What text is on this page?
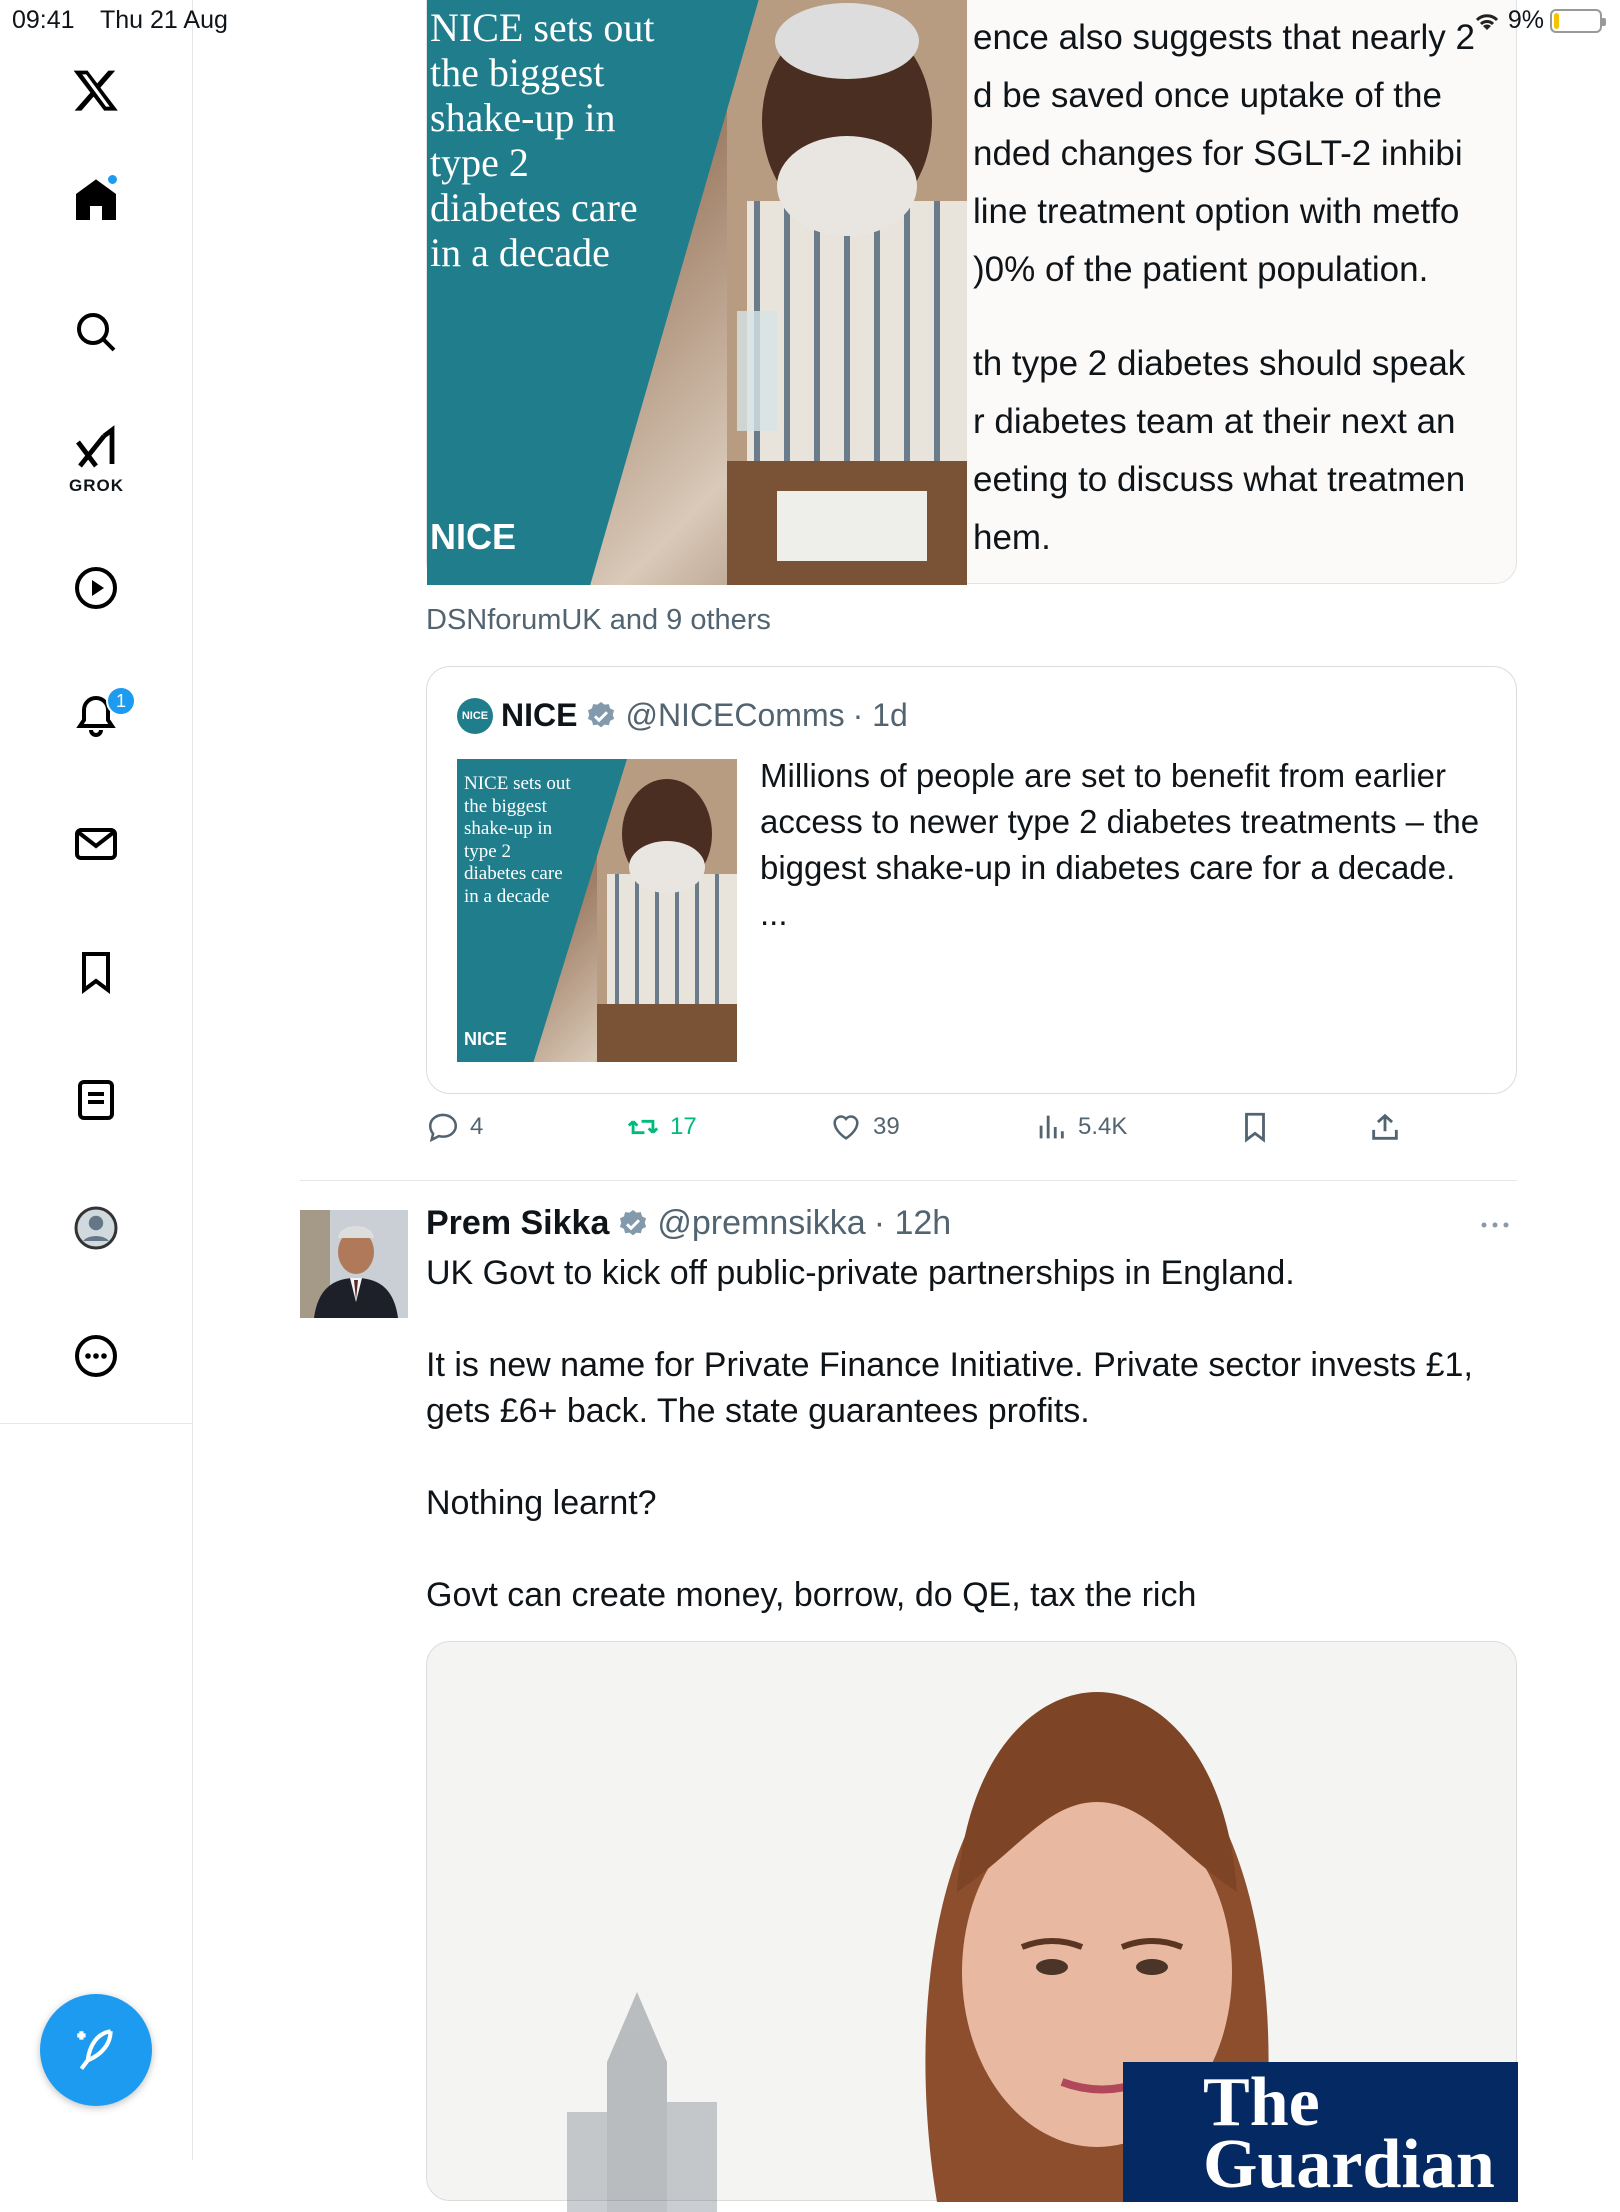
09:41 Thu 21 Aug	9%
GROK
1
NICE sets out
the biggest
shake-up in
type 2
diabetes care
in a decade
NICE
ence also suggests that nearly 2
d be saved once uptake of the
nded changes for SGLT-2 inhibi
line treatment option with metfo
)0% of the patient population.
th type 2 diabetes should speak
r diabetes team at their next an
eeting to discuss what treatmen
hem.
DSNforumUK and 9 others
NICE NICE @NICEComms · 1d
NICE sets out
the biggest
shake-up in
type 2
diabetes care
in a decade
NICE
Millions of people are set to benefit from earlier access to newer type 2 diabetes treatments – the biggest shake-up in diabetes care for a decade. ...
4	17	39	5.4K
Prem Sikka @premnsikka · 12h

UK Govt to kick off public-private partnerships in England.

It is new name for Private Finance Initiative. Private sector invests £1, gets £6+ back. The state guarantees profits.

Nothing learnt?

Govt can create money, borrow, do QE, tax the rich

The
Guardian
